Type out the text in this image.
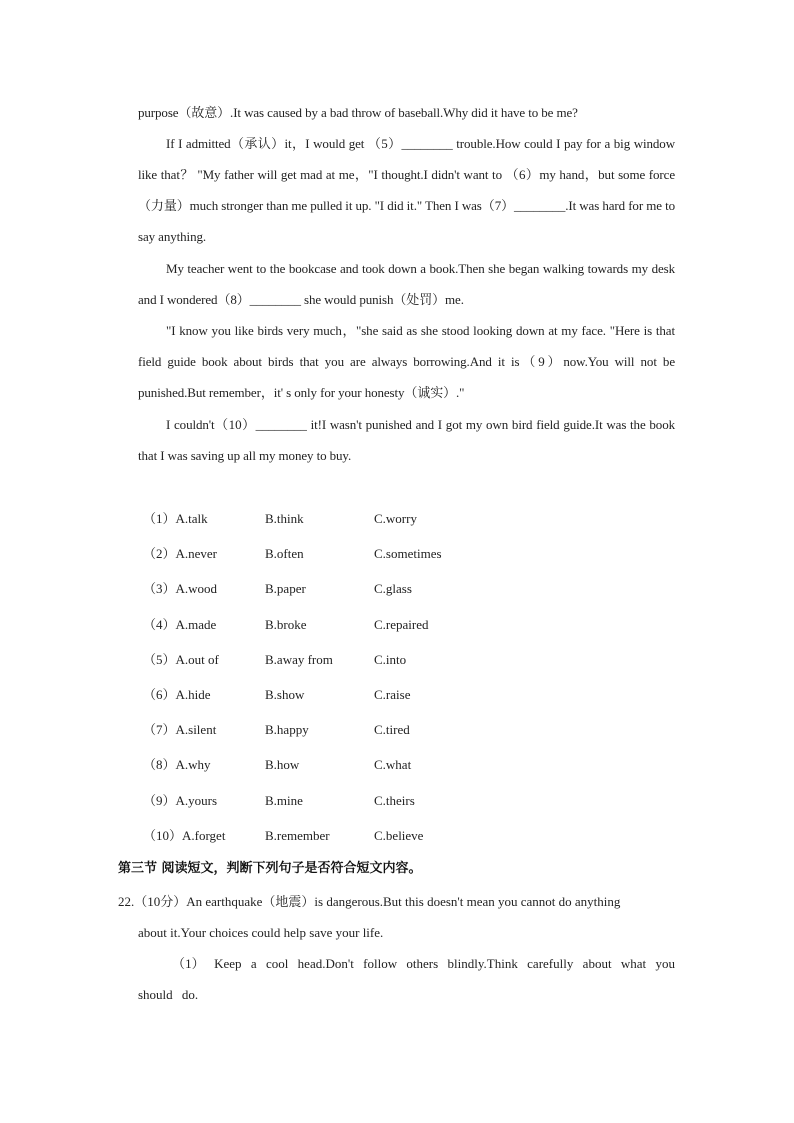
purpose（故意）.It was caused by a bad throw of baseball.Why did it have to be me?

If I admitted（承认）it，I would get （5）________ trouble.How could I pay for a big window like that？ "My father will get mad at me，"I thought.I didn't want to （6）my hand，but some force（力量）much stronger than me pulled it up. "I did it." Then I was（7）________.It was hard for me to say anything.

My teacher went to the bookcase and took down a book.Then she began walking towards my desk and I wondered（8）________ she would punish（处罚）me.

"I know you like birds very much，"she said as she stood looking down at my face. "Here is that field guide book about birds that you are always borrowing.And it is（9）now.You will not be punished.But remember，it' s only for your honesty（诚实）."

I couldn't（10）________ it!I wasn't punished and I got my own bird field guide.It was the book that I was saving up all my money to buy.

（1）A.talk	B.think	C.worry
（2）A.never	B.often	C.sometimes
（3）A.wood	B.paper	C.glass
（4）A.made	B.broke	C.repaired
（5）A.out of	B.away from	C.into
（6）A.hide	B.show	C.raise
（7）A.silent	B.happy	C.tired
（8）A.why	B.how	C.what
（9）A.yours	B.mine	C.theirs
（10）A.forget	B.remember	C.believe
第三节 阅读短文，判断下列句子是否符合短文内容。

22.（10分）An earthquake（地震）is dangerous.But this doesn't mean you cannot do anything

about it.Your choices could help save your life.

（1） Keep a cool head.Don't follow others blindly.Think carefully about what you should do.
